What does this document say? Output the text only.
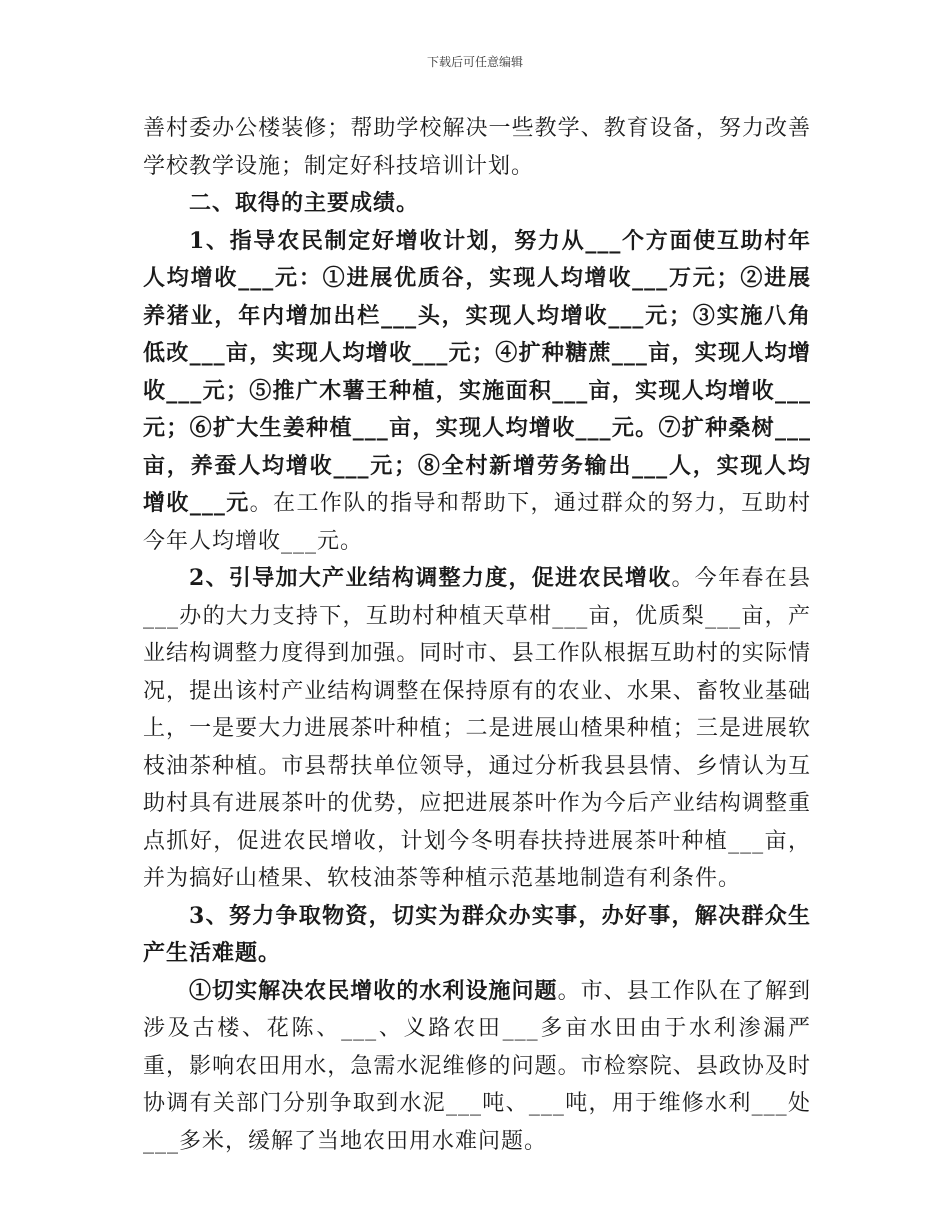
下载后可任意编辑

善村委办公楼装修；帮助学校解决一些教学、教育设备，努力改善学校教学设施；制定好科技培训计划。

二、取得的主要成绩。

1、指导农民制定好增收计划，努力从___个方面使互助村年人均增收___元：①进展优质谷，实现人均增收___万元；②进展养猪业，年内增加出栏___头，实现人均增收___元；③实施八角低改___亩，实现人均增收___元；④扩种糖蔗___亩，实现人均增收___元；⑤推广木薯王种植，实施面积___亩，实现人均增收___元；⑥扩大生姜种植___亩，实现人均增收___元。⑦扩种桑树___亩，养蚕人均增收___元；⑧全村新增劳务输出___人，实现人均增收___元。在工作队的指导和帮助下，通过群众的努力，互助村今年人均增收___元。

2、引导加大产业结构调整力度，促进农民增收。今年春在县___办的大力支持下，互助村种植天草柑___亩，优质梨___亩，产业结构调整力度得到加强。同时市、县工作队根据互助村的实际情况，提出该村产业结构调整在保持原有的农业、水果、畜牧业基础上，一是要大力进展茶叶种植；二是进展山楂果种植；三是进展软枝油茶种植。市县帮扶单位领导，通过分析我县县情、乡情认为互助村具有进展茶叶的优势，应把进展茶叶作为今后产业结构调整重点抓好，促进农民增收，计划今冬明春扶持进展茶叶种植___亩，并为搞好山楂果、软枝油茶等种植示范基地制造有利条件。

3、努力争取物资，切实为群众办实事，办好事，解决群众生产生活难题。

①切实解决农民增收的水利设施问题。市、县工作队在了解到涉及古楼、花陈、___、义路农田___多亩水田由于水利渗漏严重，影响农田用水，急需水泥维修的问题。市检察院、县政协及时协调有关部门分别争取到水泥___吨、___吨，用于维修水利___处___多米，缓解了当地农田用水难问题。
